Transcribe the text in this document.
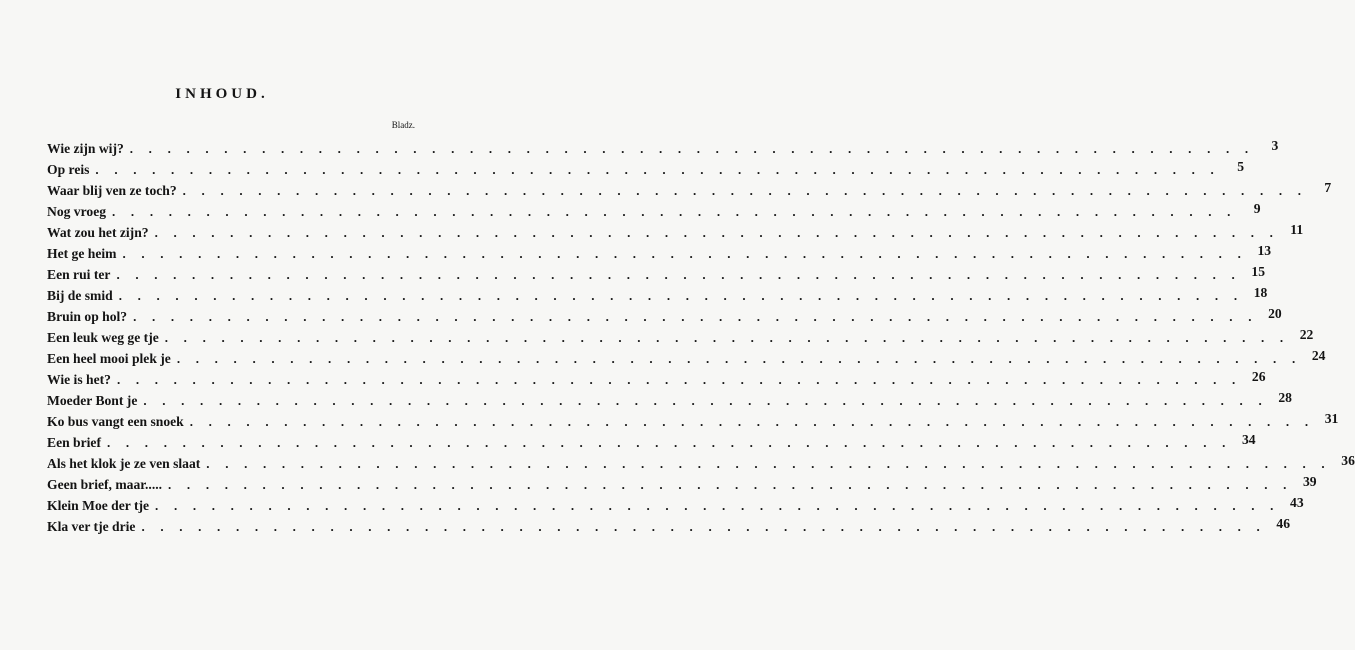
INHOUD.
Bladz.
Wie zijn wij? . . . . . . . . . . . . . . . . . . . . . . . . . . . . . . . . . . . . . . . . . . . . . . . . . . . . . . . . . . . .	3
Op reis . . . . . . . . . . . . . . . . . . . . . . . . . . . . . . . . . . . . . . . . . . . . . . . . . . . . . . . . . . . .	5
Waar blij ven ze toch? . . . . . . . . . . . . . . . . . . . . . . . . . . . . . . . . . . . . . . . . . . . . . . . . . . . . . . . . . . . .	7
Nog vroeg . . . . . . . . . . . . . . . . . . . . . . . . . . . . . . . . . . . . . . . . . . . . . . . . . . . . . . . . . . . .	9
Wat zou het zijn? . . . . . . . . . . . . . . . . . . . . . . . . . . . . . . . . . . . . . . . . . . . . . . . . . . . . . . . . . . . . 11
Het ge heim . . . . . . . . . . . . . . . . . . . . . . . . . . . . . . . . . . . . . . . . . . . . . . . . . . . . . . . . . . . . 13
Een rui ter . . . . . . . . . . . . . . . . . . . . . . . . . . . . . . . . . . . . . . . . . . . . . . . . . . . . . . . . . . . . 15
Bij de smid . . . . . . . . . . . . . . . . . . . . . . . . . . . . . . . . . . . . . . . . . . . . . . . . . . . . . . . . . . . . 18
Bruin op hol? . . . . . . . . . . . . . . . . . . . . . . . . . . . . . . . . . . . . . . . . . . . . . . . . . . . . . . . . . . . . 20
Een leuk weg ge tje . . . . . . . . . . . . . . . . . . . . . . . . . . . . . . . . . . . . . . . . . . . . . . . . . . . . . . . . . . . . 22
Een heel mooi plek je . . . . . . . . . . . . . . . . . . . . . . . . . . . . . . . . . . . . . . . . . . . . . . . . . . . . . . . . . . . . 24
Wie is het? . . . . . . . . . . . . . . . . . . . . . . . . . . . . . . . . . . . . . . . . . . . . . . . . . . . . . . . . . . . . 26
Moeder Bont je . . . . . . . . . . . . . . . . . . . . . . . . . . . . . . . . . . . . . . . . . . . . . . . . . . . . . . . . . . . . 28
Ko bus vangt een snoek . . . . . . . . . . . . . . . . . . . . . . . . . . . . . . . . . . . . . . . . . . . . . . . . . . . . . . . . . . . . 31
Een brief . . . . . . . . . . . . . . . . . . . . . . . . . . . . . . . . . . . . . . . . . . . . . . . . . . . . . . . . . . . . 34
Als het klok je ze ven slaat . . . . . . . . . . . . . . . . . . . . . . . . . . . . . . . . . . . . . . . . . . . . . . . . . . . . . . . . . . . . 36
Geen brief, maar..... . . . . . . . . . . . . . . . . . . . . . . . . . . . . . . . . . . . . . . . . . . . . . . . . . . . . . . . . . . . . 39
Klein Moe der tje . . . . . . . . . . . . . . . . . . . . . . . . . . . . . . . . . . . . . . . . . . . . . . . . . . . . . . . . . . . . 43
Kla ver tje drie . . . . . . . . . . . . . . . . . . . . . . . . . . . . . . . . . . . . . . . . . . . . . . . . . . . . . . . . . . . . 46
